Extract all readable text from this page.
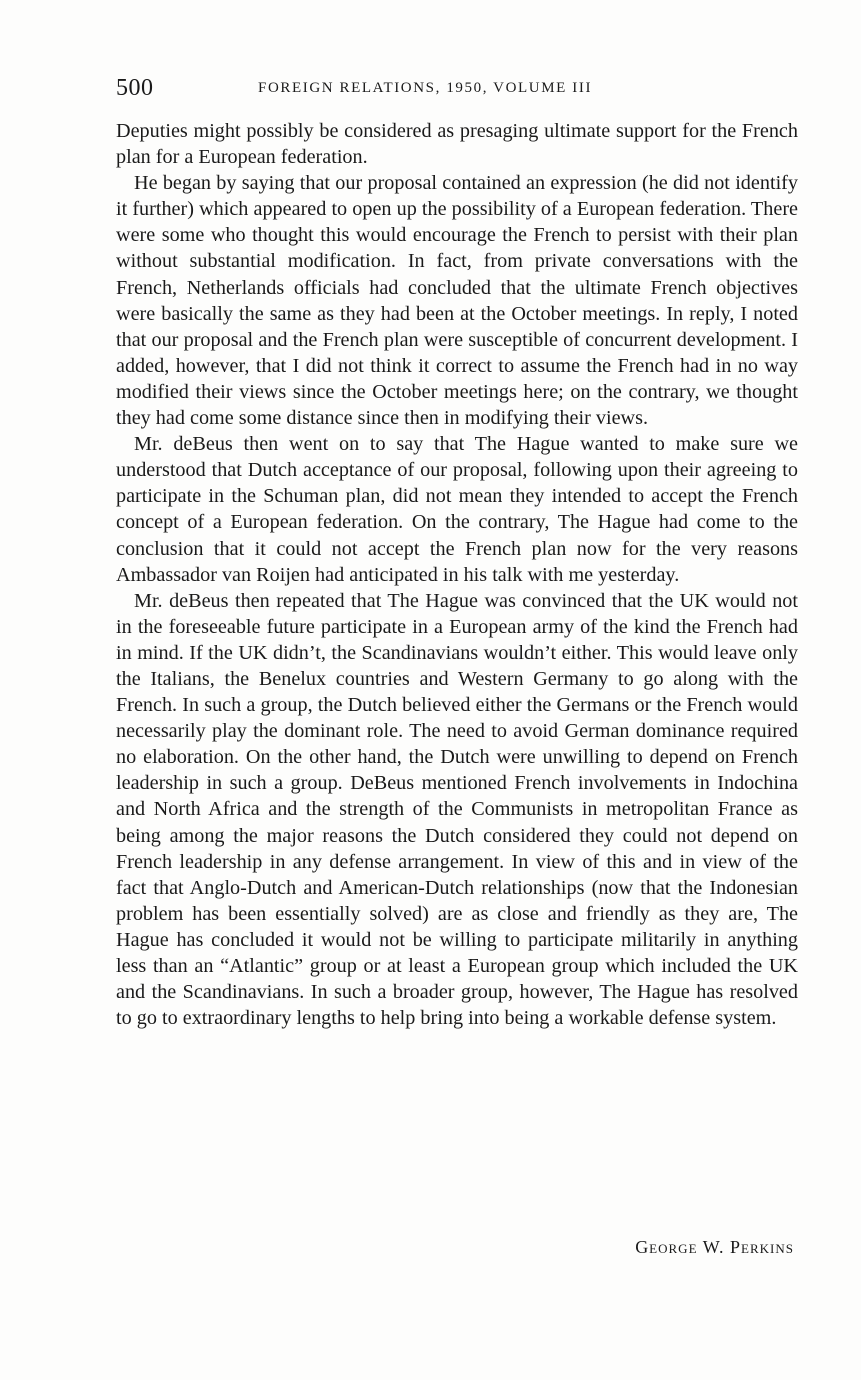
500	FOREIGN RELATIONS, 1950, VOLUME III

Deputies might possibly be considered as presaging ultimate support for the French plan for a European federation.

He began by saying that our proposal contained an expression (he did not identify it further) which appeared to open up the possibility of a European federation. There were some who thought this would encourage the French to persist with their plan without substantial modification. In fact, from private conversations with the French, Netherlands officials had concluded that the ultimate French objectives were basically the same as they had been at the October meetings. In reply, I noted that our proposal and the French plan were susceptible of concurrent development. I added, however, that I did not think it correct to assume the French had in no way modified their views since the October meetings here; on the contrary, we thought they had come some distance since then in modifying their views.

Mr. deBeus then went on to say that The Hague wanted to make sure we understood that Dutch acceptance of our proposal, following upon their agreeing to participate in the Schuman plan, did not mean they intended to accept the French concept of a European federation. On the contrary, The Hague had come to the conclusion that it could not accept the French plan now for the very reasons Ambassador van Roijen had anticipated in his talk with me yesterday.

Mr. deBeus then repeated that The Hague was convinced that the UK would not in the foreseeable future participate in a European army of the kind the French had in mind. If the UK didn’t, the Scandinavians wouldn’t either. This would leave only the Italians, the Benelux countries and Western Germany to go along with the French. In such a group, the Dutch believed either the Germans or the French would necessarily play the dominant role. The need to avoid German dominance required no elaboration. On the other hand, the Dutch were unwilling to depend on French leadership in such a group. DeBeus mentioned French involvements in Indochina and North Africa and the strength of the Communists in metropolitan France as being among the major reasons the Dutch considered they could not depend on French leadership in any defense arrangement. In view of this and in view of the fact that Anglo-Dutch and American-Dutch relationships (now that the Indonesian problem has been essentially solved) are as close and friendly as they are, The Hague has concluded it would not be willing to participate militarily in anything less than an “Atlantic” group or at least a European group which included the UK and the Scandinavians. In such a broader group, however, The Hague has resolved to go to extraordinary lengths to help bring into being a workable defense system.

George W. Perkins
